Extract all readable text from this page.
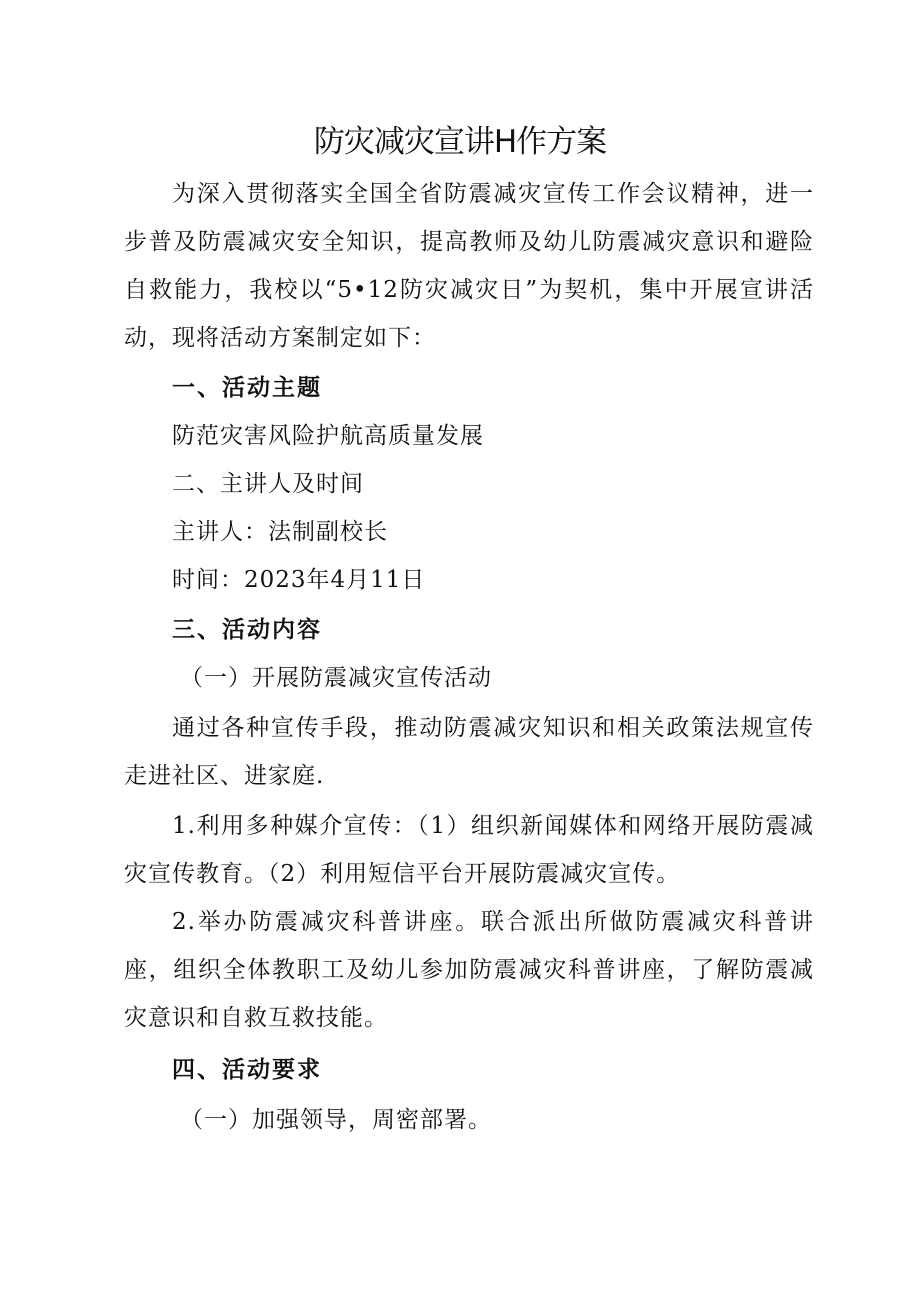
防灾减灾宣讲H作方案

为深入贯彻落实全国全省防震减灾宣传工作会议精神，进一步普及防震减灾安全知识，提高教师及幼儿防震减灾意识和避险自救能力，我校以“5•12防灾减灾日”为契机，集中开展宣讲活动，现将活动方案制定如下：

一、活动主题

防范灾害风险护航高质量发展

二、主讲人及时间

主讲人：法制副校长

时间：2023年4月11日

三、活动内容

（一）开展防震减灾宣传活动

通过各种宣传手段，推动防震减灾知识和相关政策法规宣传走进社区、进家庭.

1.利用多种媒介宣传：（1）组织新闻媒体和网络开展防震减灾宣传教育。（2）利用短信平台开展防震减灾宣传。

2.举办防震减灾科普讲座。联合派出所做防震减灾科普讲座，组织全体教职工及幼儿参加防震减灾科普讲座，了解防震减灾意识和自救互救技能。

四、活动要求

（一）加强领导，周密部署。
